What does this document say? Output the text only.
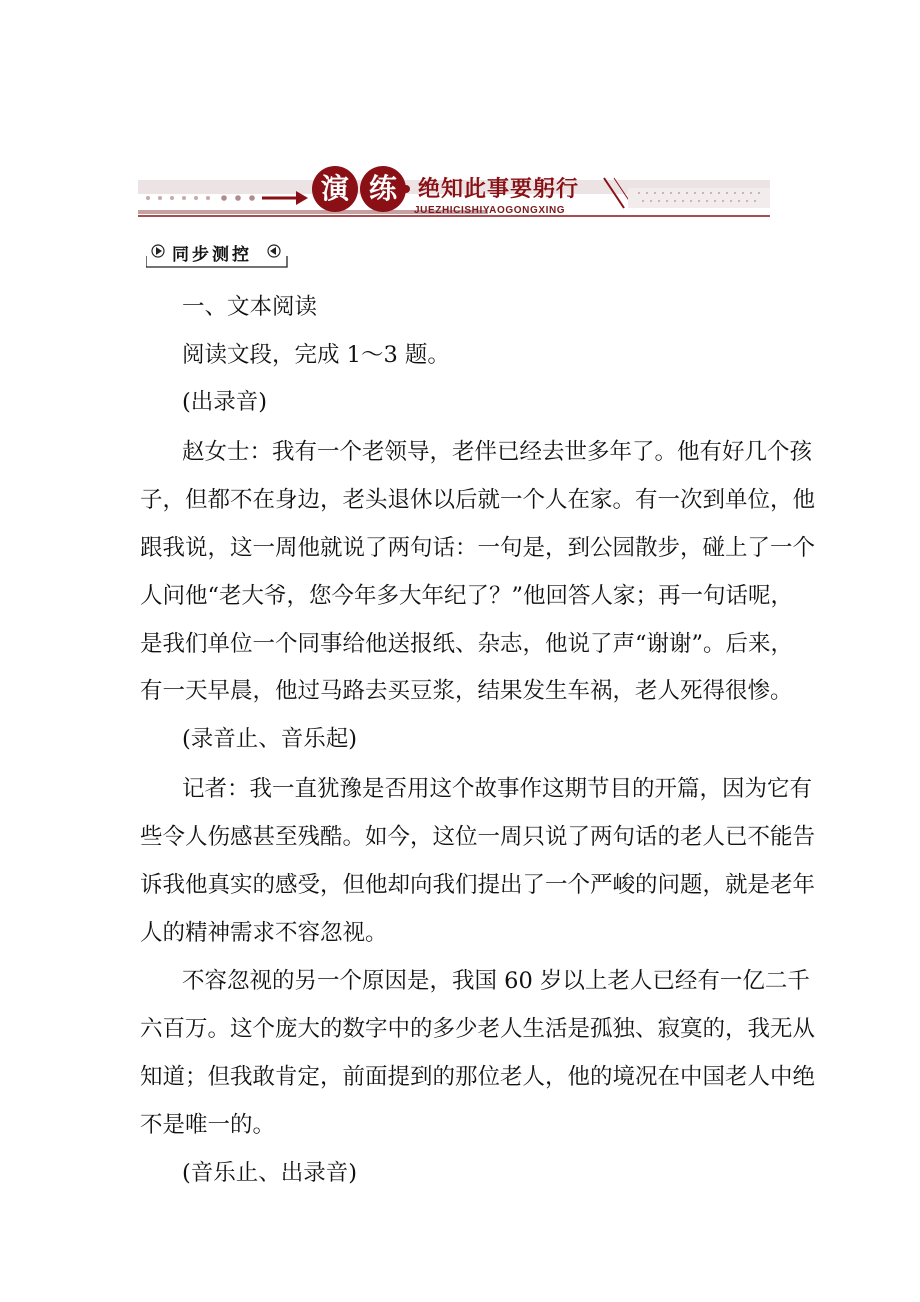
演 练 绝知此事要躬行
JUEZHICISHIYAOGONGXING
同步测控
一、文本阅读
阅读文段，完成 1～3 题。
(出录音)
赵女士：我有一个老领导，老伴已经去世多年了。他有好几个孩
子，但都不在身边，老头退休以后就一个人在家。有一次到单位，他
跟我说，这一周他就说了两句话：一句是，到公园散步，碰上了一个
人问他“老大爷，您今年多大年纪了？”他回答人家；再一句话呢，
是我们单位一个同事给他送报纸、杂志，他说了声“谢谢”。后来，
有一天早晨，他过马路去买豆浆，结果发生车祸，老人死得很惨。
(录音止、音乐起)
记者：我一直犹豫是否用这个故事作这期节目的开篇，因为它有
些令人伤感甚至残酷。如今，这位一周只说了两句话的老人已不能告
诉我他真实的感受，但他却向我们提出了一个严峻的问题，就是老年
人的精神需求不容忽视。
不容忽视的另一个原因是，我国 60 岁以上老人已经有一亿二千
六百万。这个庞大的数字中的多少老人生活是孤独、寂寞的，我无从
知道；但我敢肯定，前面提到的那位老人，他的境况在中国老人中绝
不是唯一的。
(音乐止、出录音)
